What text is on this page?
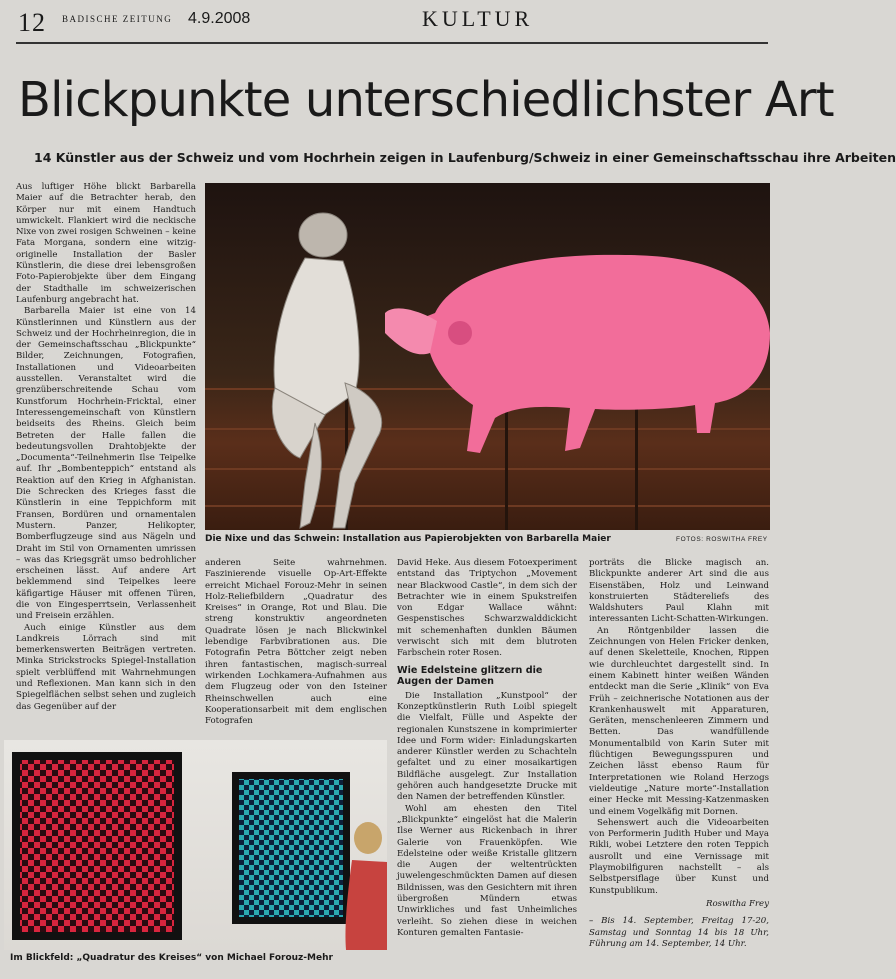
12 BADISCHE ZEITUNG 4.9.2008	KULTUR
Blickpunkte unterschiedlichster Art
14 Künstler aus der Schweiz und vom Hochrhein zeigen in Laufenburg/Schweiz in einer Gemeinschaftsschau ihre Arbeiten

Aus luftiger Höhe blickt Barbarella Maier auf die Betrachter herab, den Körper nur mit einem Handtuch umwickelt. Flankiert wird die neckische Nixe von zwei rosigen Schweinen – keine Fata Morgana, sondern eine witzig-originelle Installation der Basler Künstlerin, die diese drei lebensgroßen Foto-Papierobjekte über dem Eingang der Stadthalle im schweizerischen Laufenburg angebracht hat.

Barbarella Maier ist eine von 14 Künstlerinnen und Künstlern aus der Schweiz und der Hochrheinregion, die in der Gemeinschaftsschau „Blickpunkte“ Bilder, Zeichnungen, Fotografien, Installationen und Videoarbeiten ausstellen. Veranstaltet wird die grenzüberschreitende Schau vom Kunstforum Hochrhein-Fricktal, einer Interessengemeinschaft von Künstlern beidseits des Rheins. Gleich beim Betreten der Halle fallen die bedeutungsvollen Drahtobjekte der „Documenta“-Teilnehmerin Ilse Teipelke auf. Ihr „Bombenteppich“ entstand als Reaktion auf den Krieg in Afghanistan. Die Schrecken des Krieges fasst die Künstlerin in eine Teppichform mit Fransen, Bordüren und ornamentalen Mustern. Panzer, Helikopter, Bomberflugzeuge sind aus Nägeln und Draht im Stil von Ornamenten umrissen – was das Kriegsgrät umso bedrohlicher erscheinen lässt. Auf andere Art beklemmend sind Teipelkes leere käfigartige Häuser mit offenen Türen, die von Eingesperrtsein, Verlassenheit und Freisein erzählen.

Auch einige Künstler aus dem Landkreis Lörrach sind mit bemerkenswerten Beiträgen vertreten. Minka Strickstrocks Spiegel-Installation spielt verblüffend mit Wahrnehmungen und Reflexionen. Man kann sich in den Spiegelflächen selbst sehen und zugleich das Gegenüber auf der

Die Nixe und das Schwein: Installation aus Papierobjekten von Barbarella Maier	FOTOS: ROSWITHA FREY

anderen Seite wahrnehmen. Faszinierende visuelle Op-Art-Effekte erreicht Michael Forouz-Mehr in seinen Holz-Reliefbildern „Quadratur des Kreises“ in Orange, Rot und Blau. Die streng konstruktiv angeordneten Quadrate lösen je nach Blickwinkel lebendige Farbvibrationen aus. Die Fotografin Petra Böttcher zeigt neben ihren fantastischen, magisch-surreal wirkenden Lochkamera-Aufnahmen aus dem Flugzeug oder von den Isteiner Rheinschwellen auch eine Kooperationsarbeit mit dem englischen Fotografen

David Heke. Aus diesem Fotoexperiment entstand das Triptychon „Movement near Blackwood Castle“, in dem sich der Betrachter wie in einem Spukstreifen von Edgar Wallace wähnt: Gespenstisches Schwarzwalddickicht mit schemenhaften dunklen Bäumen verwischt sich mit dem blutroten Farbschein roter Rosen.

Wie Edelsteine glitzern die Augen der Damen

Die Installation „Kunstpool“ der Konzeptkünstlerin Ruth Loibl spiegelt die Vielfalt, Fülle und Aspekte der regionalen Kunstszene in komprimierter Idee und Form wider: Einladungskarten anderer Künstler werden zu Schachteln gefaltet und zu einer mosaikartigen Bildfläche ausgelegt. Zur Installation gehören auch handgesetzte Drucke mit den Namen der betreffenden Künstler.

Wohl am ehesten den Titel „Blickpunkte“ eingelöst hat die Malerin Ilse Werner aus Rickenbach in ihrer Galerie von Frauenköpfen. Wie Edelsteine oder weiße Kristalle glitzern die Augen der weltentrückten juwelengeschmückten Damen auf diesen Bildnissen, was den Gesichtern mit ihren übergroßen Mündern etwas Unwirkliches und fast Unheimliches verleiht. So ziehen diese in weichen Konturen gemalten Fantasie-

porträts die Blicke magisch an. Blickpunkte anderer Art sind die aus Eisenstäben, Holz und Leinwand konstruierten Städtereliefs des Waldshuters Paul Klahn mit interessanten Licht-Schatten-Wirkungen.

An Röntgenbilder lassen die Zeichnungen von Helen Fricker denken, auf denen Skeletteile, Knochen, Rippen wie durchleuchtet dargestellt sind. In einem Kabinett hinter weißen Wänden entdeckt man die Serie „Klinik“ von Eva Früh – zeichnerische Notationen aus der Krankenhauswelt mit Apparaturen, Geräten, menschenleeren Zimmern und Betten. Das wandfüllende Monumentalbild von Karin Suter mit flüchtigen Bewegungsspuren und Zeichen lässt ebenso Raum für Interpretationen wie Roland Herzogs vieldeutige „Nature morte“-Installation einer Hecke mit Messing-Katzenmasken und einem Vogelkäfig mit Dornen.

Sehenswert auch die Videoarbeiten von Performerin Judith Huber und Maya Rikli, wobei Letztere den roten Teppich ausrollt und eine Vernissage mit Playmobilfiguren nachstellt – als Selbstpersiflage über Kunst und Kunstpublikum.

Roswitha Frey

– Bis 14. September, Freitag 17-20, Samstag und Sonntag 14 bis 18 Uhr, Führung am 14. September, 14 Uhr.

Im Blickfeld: „Quadratur des Kreises“ von Michael Forouz-Mehr
